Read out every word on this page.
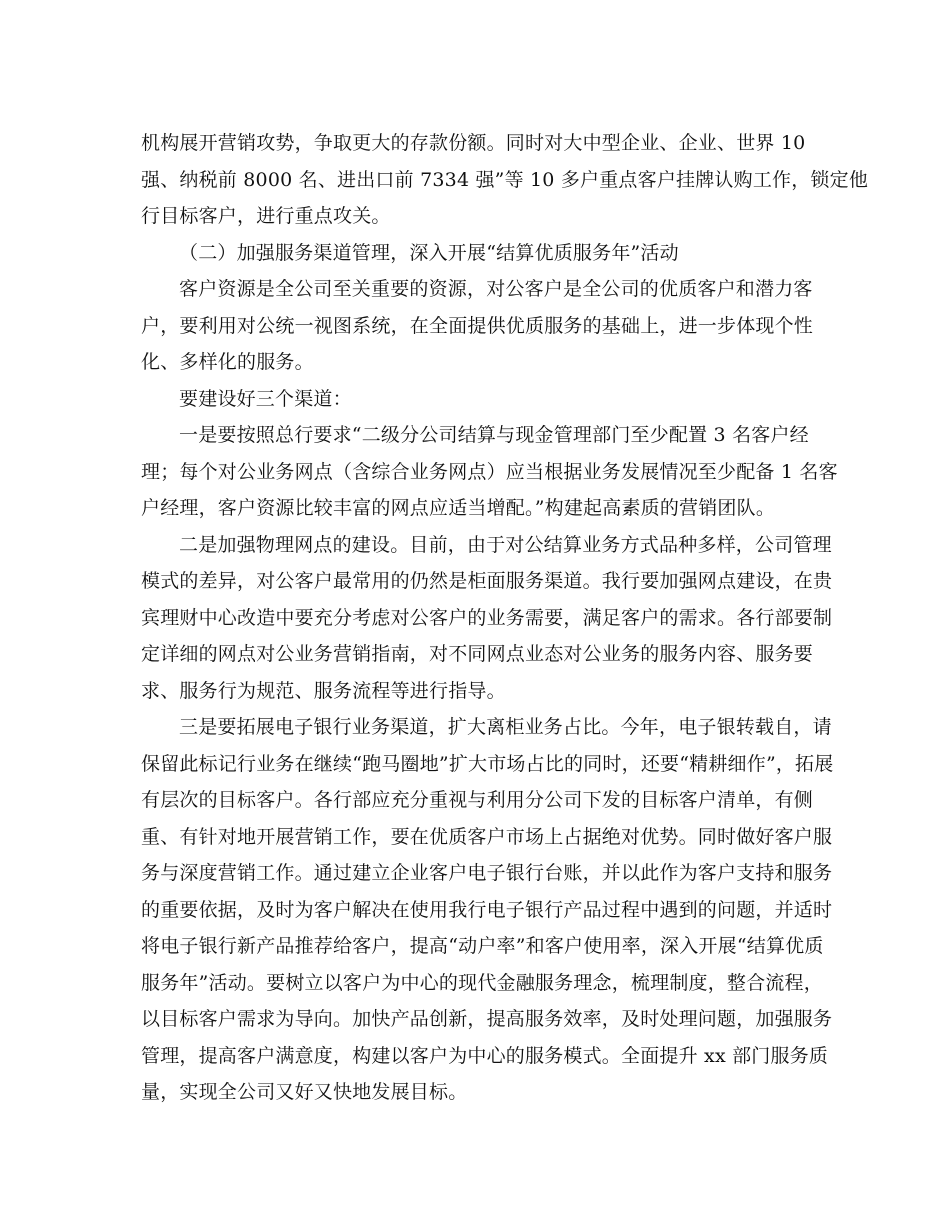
机构展开营销攻势，争取更大的存款份额。同时对大中型企业、企业、世界 10
强、纳税前 8000 名、进出口前 7334 强”等 10 多户重点客户挂牌认购工作，锁定他
行目标客户，进行重点攻关。
（二）加强服务渠道管理，深入开展“结算优质服务年”活动
客户资源是全公司至关重要的资源，对公客户是全公司的优质客户和潜力客
户，要利用对公统一视图系统，在全面提供优质服务的基础上，进一步体现个性
化、多样化的服务。
要建设好三个渠道：
一是要按照总行要求“二级分公司结算与现金管理部门至少配置 3 名客户经
理；每个对公业务网点（含综合业务网点）应当根据业务发展情况至少配备 1 名客
户经理，客户资源比较丰富的网点应适当增配。”构建起高素质的营销团队。
二是加强物理网点的建设。目前，由于对公结算业务方式品种多样，公司管理
模式的差异，对公客户最常用的仍然是柜面服务渠道。我行要加强网点建设，在贵
宾理财中心改造中要充分考虑对公客户的业务需要，满足客户的需求。各行部要制
定详细的网点对公业务营销指南，对不同网点业态对公业务的服务内容、服务要
求、服务行为规范、服务流程等进行指导。
三是要拓展电子银行业务渠道，扩大离柜业务占比。今年，电子银转载自，请
保留此标记行业务在继续“跑马圈地”扩大市场占比的同时，还要“精耕细作”，拓展
有层次的目标客户。各行部应充分重视与利用分公司下发的目标客户清单，有侧
重、有针对地开展营销工作，要在优质客户市场上占据绝对优势。同时做好客户服
务与深度营销工作。通过建立企业客户电子银行台账，并以此作为客户支持和服务
的重要依据，及时为客户解决在使用我行电子银行产品过程中遇到的问题，并适时
将电子银行新产品推荐给客户，提高“动户率”和客户使用率，深入开展“结算优质
服务年”活动。要树立以客户为中心的现代金融服务理念，梳理制度，整合流程，
以目标客户需求为导向。加快产品创新，提高服务效率，及时处理问题，加强服务
管理，提高客户满意度，构建以客户为中心的服务模式。全面提升 xx 部门服务质
量，实现全公司又好又快地发展目标。
